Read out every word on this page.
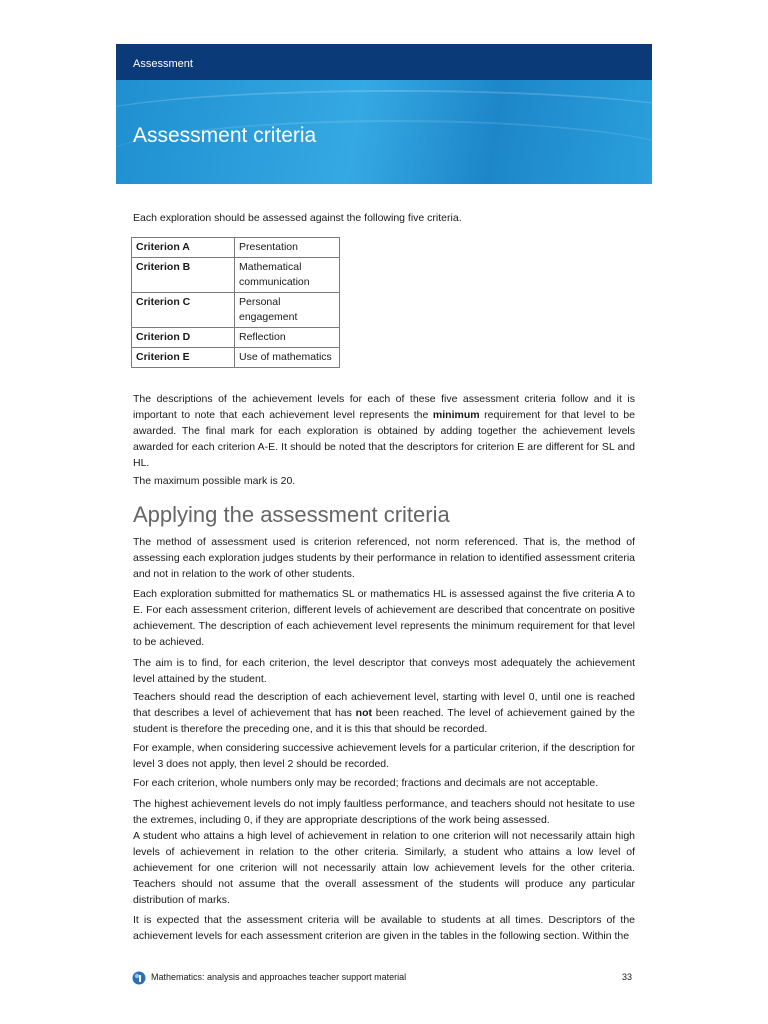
Assessment
Assessment criteria

Each exploration should be assessed against the following five criteria.

Criterion A	Presentation
Criterion B	Mathematical communication
Criterion C	Personal engagement
Criterion D	Reflection
Criterion E	Use of mathematics

The descriptions of the achievement levels for each of these five assessment criteria follow and it is important to note that each achievement level represents the minimum requirement for that level to be awarded. The final mark for each exploration is obtained by adding together the achievement levels awarded for each criterion A-E. It should be noted that the descriptors for criterion E are different for SL and HL.

The maximum possible mark is 20.

Applying the assessment criteria

The method of assessment used is criterion referenced, not norm referenced. That is, the method of assessing each exploration judges students by their performance in relation to identified assessment criteria and not in relation to the work of other students.

Each exploration submitted for mathematics SL or mathematics HL is assessed against the five criteria A to E. For each assessment criterion, different levels of achievement are described that concentrate on positive achievement. The description of each achievement level represents the minimum requirement for that level to be achieved.

The aim is to find, for each criterion, the level descriptor that conveys most adequately the achievement level attained by the student.

Teachers should read the description of each achievement level, starting with level 0, until one is reached that describes a level of achievement that has not been reached. The level of achievement gained by the student is therefore the preceding one, and it is this that should be recorded.

For example, when considering successive achievement levels for a particular criterion, if the description for level 3 does not apply, then level 2 should be recorded.

For each criterion, whole numbers only may be recorded; fractions and decimals are not acceptable.

The highest achievement levels do not imply faultless performance, and teachers should not hesitate to use the extremes, including 0, if they are appropriate descriptions of the work being assessed.

A student who attains a high level of achievement in relation to one criterion will not necessarily attain high levels of achievement in relation to the other criteria. Similarly, a student who attains a low level of achievement for one criterion will not necessarily attain low achievement levels for the other criteria. Teachers should not assume that the overall assessment of the students will produce any particular distribution of marks.

It is expected that the assessment criteria will be available to students at all times. Descriptors of the achievement levels for each assessment criterion are given in the tables in the following section. Within the

Mathematics: analysis and approaches teacher support material	33
